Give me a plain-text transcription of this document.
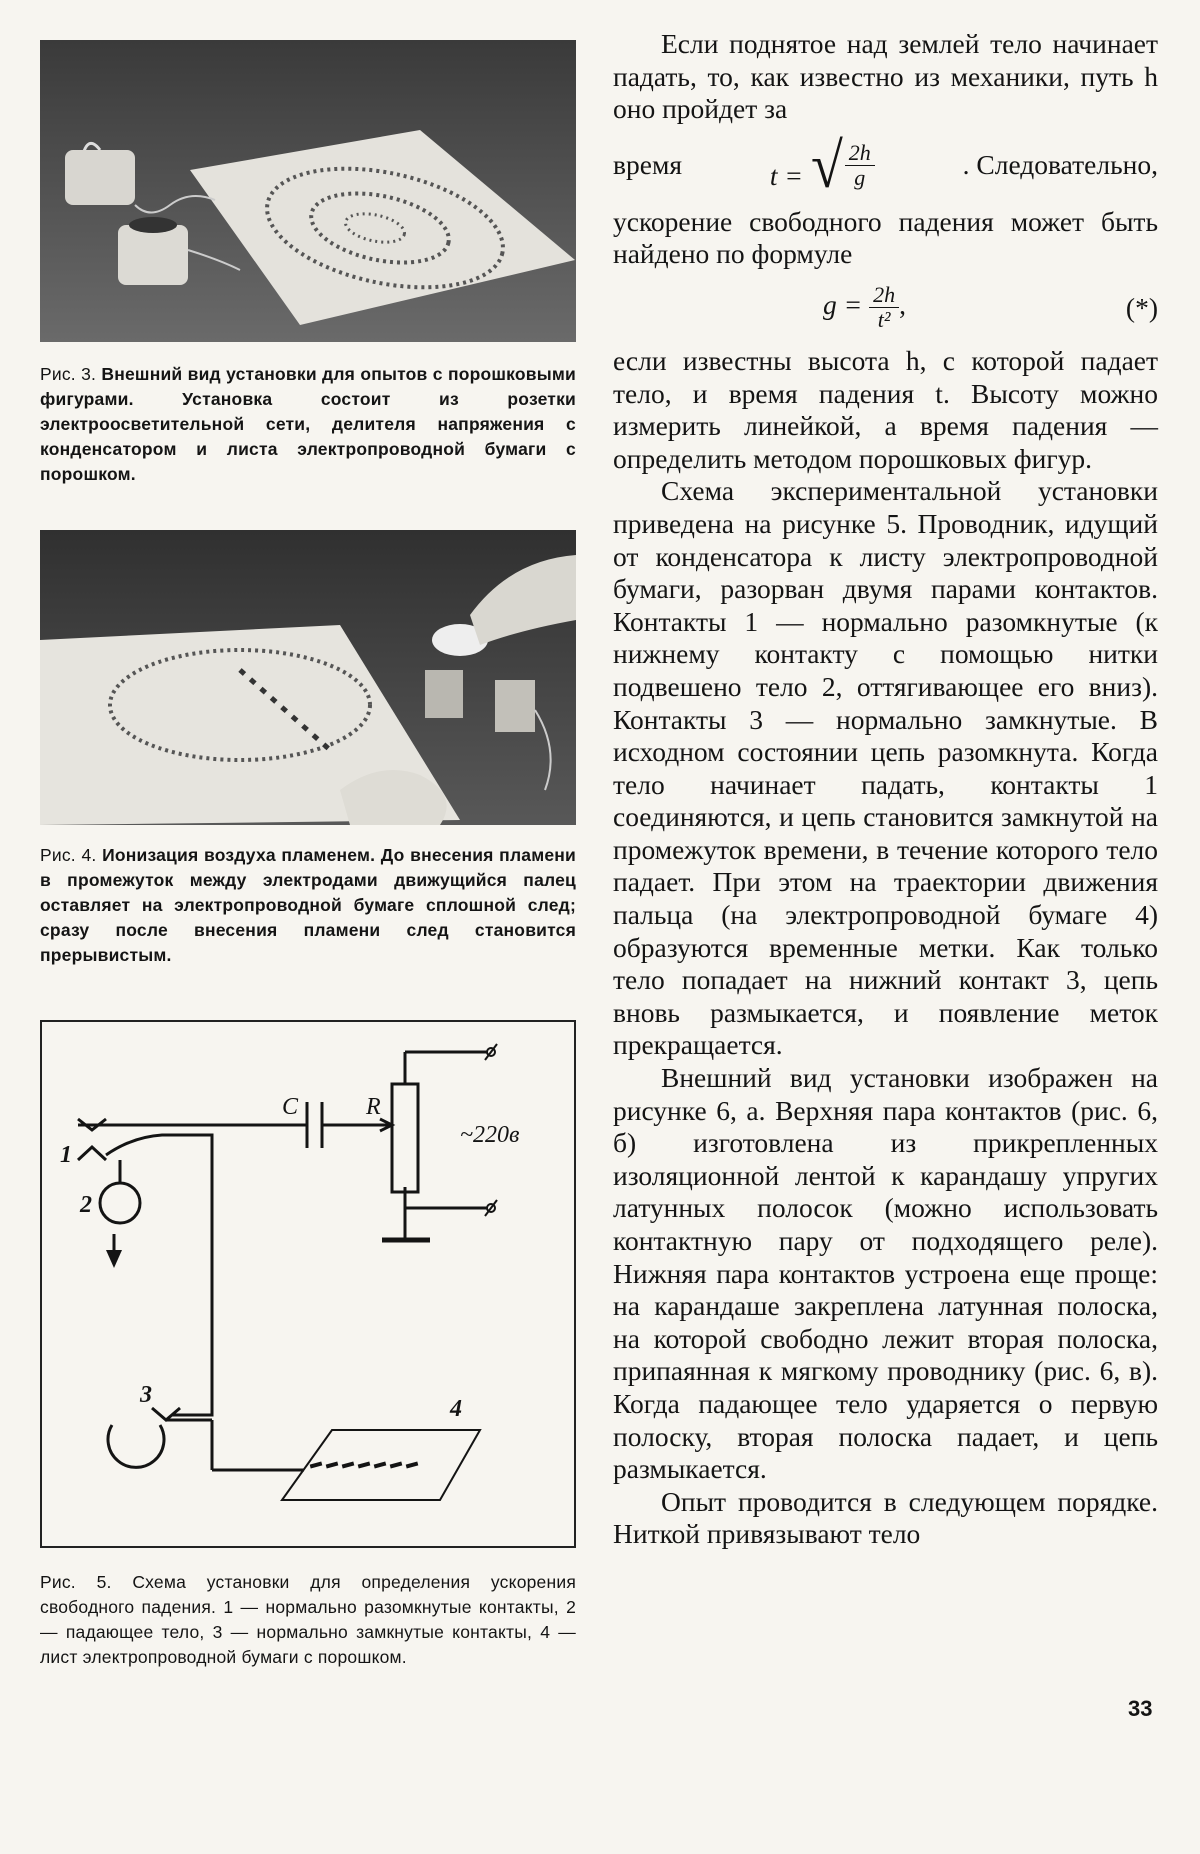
Рис. 3. Внешний вид установки для опытов с порошковыми фигурами. Установка состоит из розетки электроосветительной сети, делителя напряжения с конденсатором и листа электропроводной бумаги с порошком.
Рис. 4. Ионизация воздуха пламенем. До внесения пламени в промежуток между электродами движущийся палец оставляет на электропроводной бумаге сплошной след; сразу после внесения пламени след становится прерывистым.
C	R
~220в
1
2
3
4
Рис. 5. Схема установки для определения ускорения свободного падения. 1 — нормально разомкнутые контакты, 2 — падающее тело, 3 — нормально замкнутые контакты, 4 — лист электропроводной бумаги с порошком.

Если поднятое над землей тело начинает падать, то, как известно из механики, путь h оно пройдет за

время	t = √ $\frac{2h}{g}$	. Следовательно,

ускорение свободного падения может быть найдено по формуле

$g = \frac{2h}{\text{t²}}$ ,	(*)

если известны высота h, с которой падает тело, и время падения t. Высоту можно измерить линейкой, а время падения — определить методом порошковых фигур.

Схема экспериментальной установки приведена на рисунке 5. Проводник, идущий от конденсатора к листу электропроводной бумаги, разорван двумя парами контактов. Контакты 1 — нормально разомкнутые (к нижнему контакту с помощью нитки подвешено тело 2, оттягивающее его вниз). Контакты 3 — нормально замкнутые. В исходном состоянии цепь разомкнута. Когда тело начинает падать, контакты 1 соединяются, и цепь становится замкнутой на промежуток времени, в течение которого тело падает. При этом на траектории движения пальца (на электропроводной бумаге 4) образуются временные метки. Как только тело попадает на нижний контакт 3, цепь вновь размыкается, и появление меток прекращается.

Внешний вид установки изображен на рисунке 6, а. Верхняя пара контактов (рис. 6, б) изготовлена из прикрепленных изоляционной лентой к карандашу упругих латунных полосок (можно использовать контактную пару от подходящего реле). Нижняя пара контактов устроена еще проще: на карандаше закреплена латунная полоска, на которой свободно лежит вторая полоска, припаянная к мягкому проводнику (рис. 6, в). Когда падающее тело ударяется о первую полоску, вторая полоска падает, и цепь размыкается.

Опыт проводится в следующем порядке. Ниткой привязывают тело

33
